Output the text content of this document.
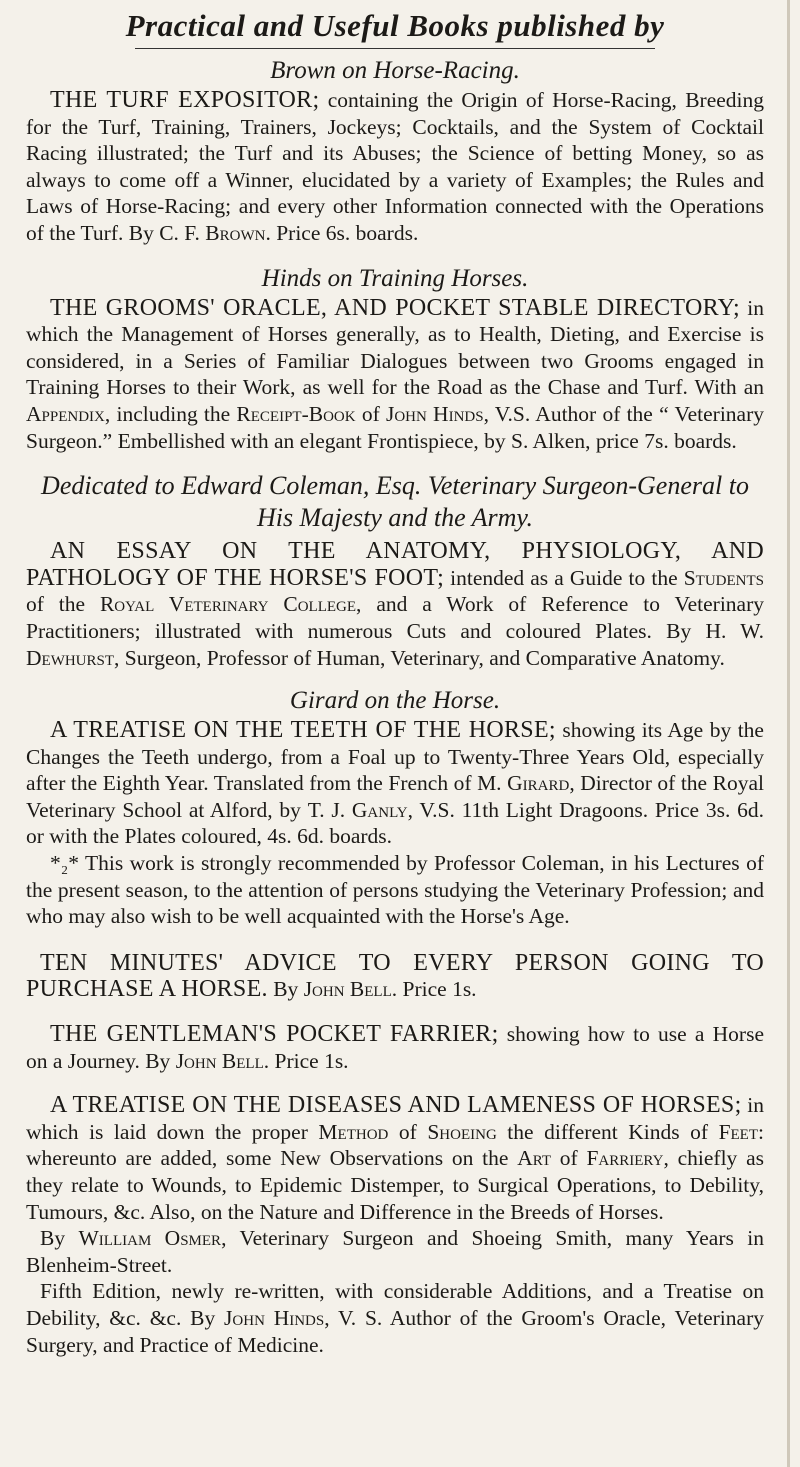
Practical and Useful Books published by

Brown on Horse-Racing.

THE TURF EXPOSITOR; containing the Origin of Horse-Racing, Breeding for the Turf, Training, Trainers, Jockeys; Cocktails, and the System of Cocktail Racing illustrated; the Turf and its Abuses; the Science of betting Money, so as always to come off a Winner, elucidated by a variety of Examples; the Rules and Laws of Horse-Racing; and every other Information connected with the Operations of the Turf. By C. F. Brown. Price 6s. boards.

Hinds on Training Horses.

THE GROOMS' ORACLE, AND POCKET STABLE DIRECTORY; in which the Management of Horses generally, as to Health, Dieting, and Exercise is considered, in a Series of Familiar Dialogues between two Grooms engaged in Training Horses to their Work, as well for the Road as the Chase and Turf. With an Appendix, including the Receipt-Book of John Hinds, V.S. Author of the “ Veterinary Surgeon.” Embellished with an elegant Frontispiece, by S. Alken, price 7s. boards.

Dedicated to Edward Coleman, Esq. Veterinary Surgeon-General to His Majesty and the Army.

AN ESSAY ON THE ANATOMY, PHYSIOLOGY, AND PATHOLOGY OF THE HORSE'S FOOT; intended as a Guide to the Students of the Royal Veterinary College, and a Work of Reference to Veterinary Practitioners; illustrated with numerous Cuts and coloured Plates. By H. W. Dewhurst, Surgeon, Professor of Human, Veterinary, and Comparative Anatomy.

Girard on the Horse.

A TREATISE ON THE TEETH OF THE HORSE; showing its Age by the Changes the Teeth undergo, from a Foal up to Twenty-Three Years Old, especially after the Eighth Year. Translated from the French of M. Girard, Director of the Royal Veterinary School at Alford, by T. J. Ganly, V.S. 11th Light Dragoons. Price 3s. 6d. or with the Plates coloured, 4s. 6d. boards.

*₂* This work is strongly recommended by Professor Coleman, in his Lectures of the present season, to the attention of persons studying the Veterinary Profession; and who may also wish to be well acquainted with the Horse's Age.

TEN MINUTES' ADVICE TO EVERY PERSON GOING TO PURCHASE A HORSE. By John Bell. Price 1s.

THE GENTLEMAN'S POCKET FARRIER; showing how to use a Horse on a Journey. By John Bell. Price 1s.

A TREATISE ON THE DISEASES AND LAMENESS OF HORSES; in which is laid down the proper Method of Shoeing the different Kinds of Feet: whereunto are added, some New Observations on the Art of Farriery, chiefly as they relate to Wounds, to Epidemic Distemper, to Surgical Operations, to Debility, Tumours, &c. Also, on the Nature and Difference in the Breeds of Horses.

By William Osmer, Veterinary Surgeon and Shoeing Smith, many Years in Blenheim-Street.

Fifth Edition, newly re-written, with considerable Additions, and a Treatise on Debility, &c. &c. By John Hinds, V. S. Author of the Groom's Oracle, Veterinary Surgery, and Practice of Medicine.
